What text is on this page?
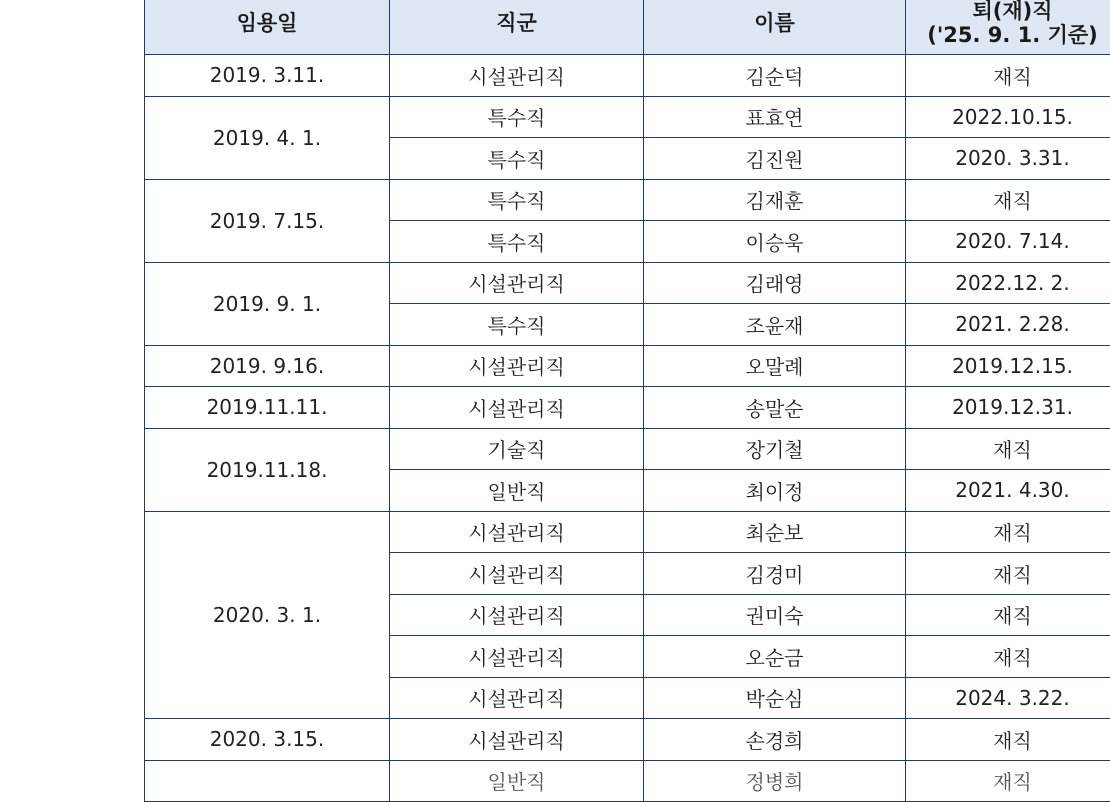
임용일	직군	이름	퇴(재)직
('25. 9. 1. 기준)

2019. 3.11.	시설관리직	김순덕	재직
2019. 4. 1.	특수직	표효연	2022.10.15.
	특수직	김진원	2020. 3.31.
2019. 7.15.	특수직	김재훈	재직
	특수직	이승욱	2020. 7.14.
2019. 9. 1.	시설관리직	김래영	2022.12. 2.
	특수직	조윤재	2021. 2.28.
2019. 9.16.	시설관리직	오말례	2019.12.15.
2019.11.11.	시설관리직	송말순	2019.12.31.
2019.11.18.	기술직	장기철	재직
	일반직	최이정	2021. 4.30.
2020. 3. 1.	시설관리직	최순보	재직
	시설관리직	김경미	재직
	시설관리직	권미숙	재직
	시설관리직	오순금	재직
	시설관리직	박순심	2024. 3.22.
2020. 3.15.	시설관리직	손경희	재직
	일반직	정병희	재직
